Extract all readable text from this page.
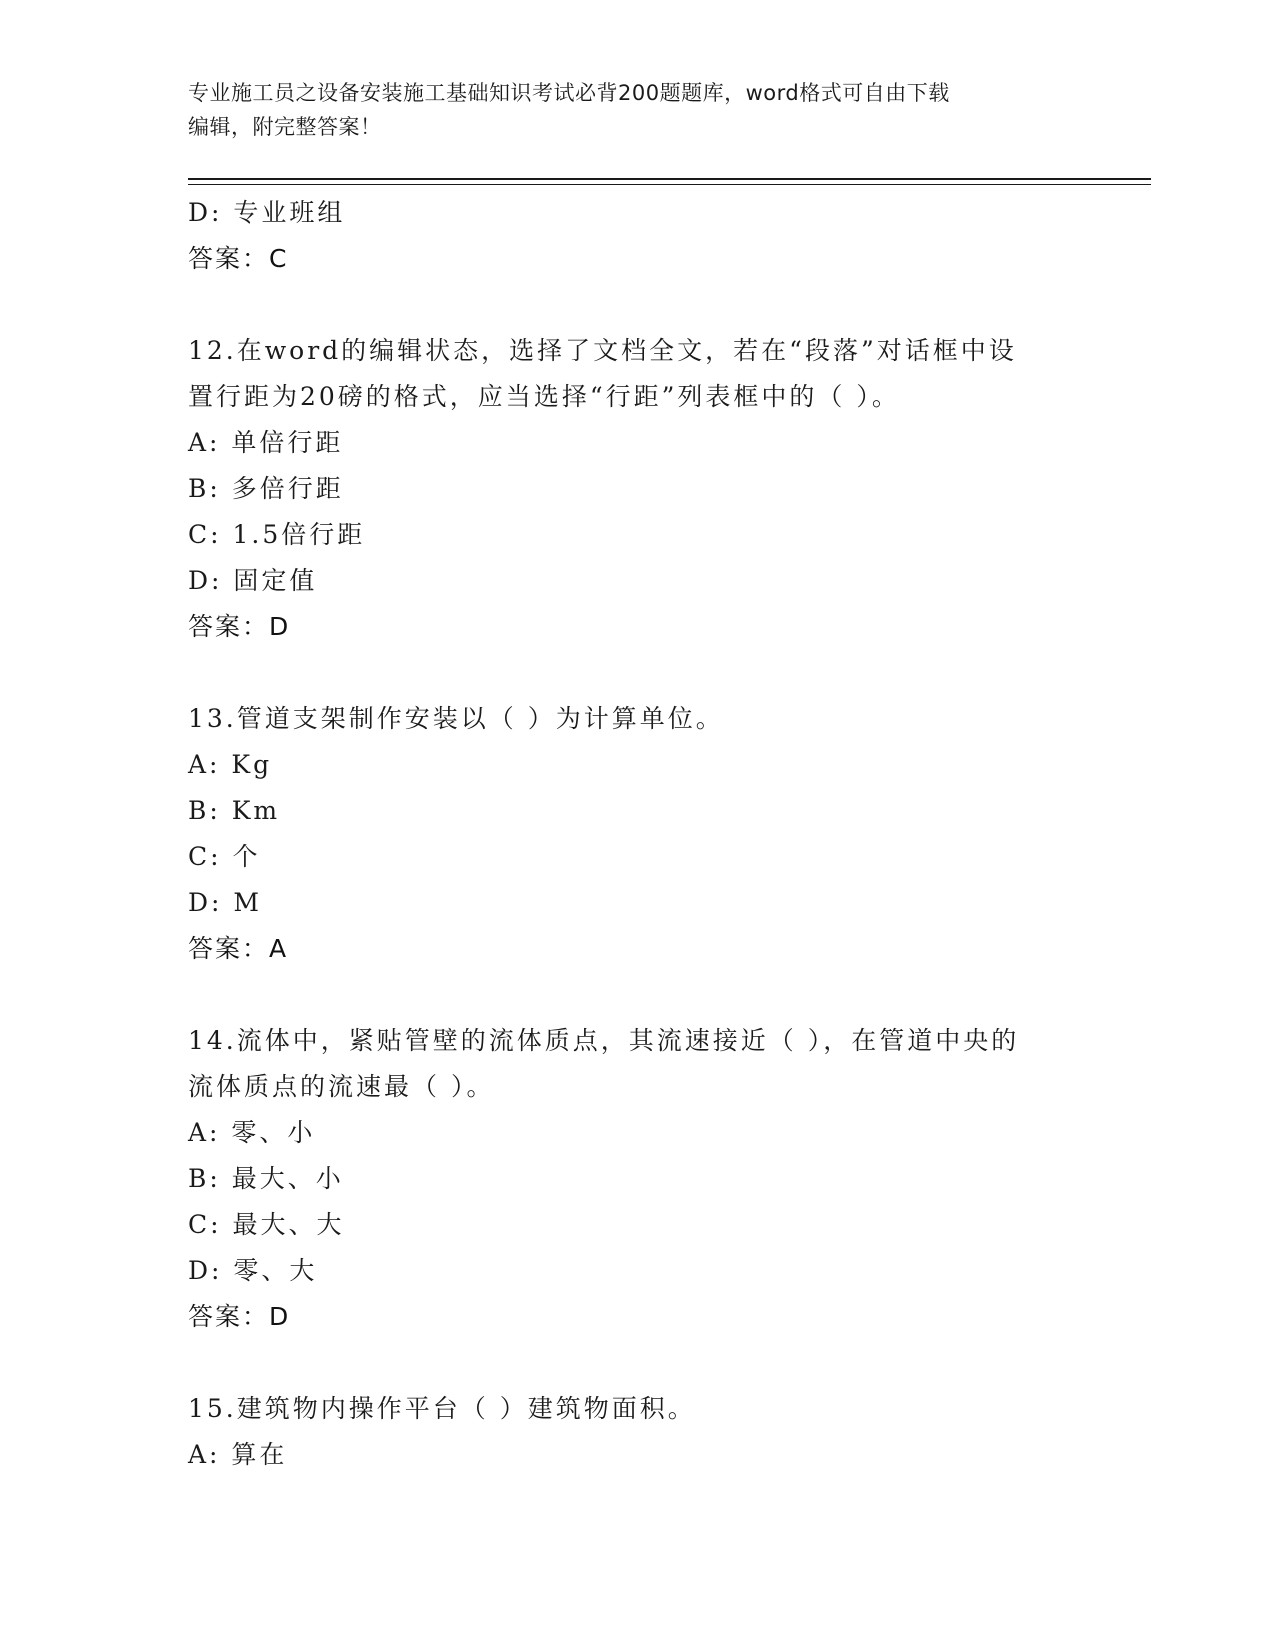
专业施工员之设备安装施工基础知识考试必背200题题库，word格式可自由下载
编辑，附完整答案！
D: 专业班组
答案：C
12.在word的编辑状态，选择了文档全文，若在“段落”对话框中设
置行距为20磅的格式，应当选择“行距”列表框中的（ ）。
A: 单倍行距
B: 多倍行距
C: 1.5倍行距
D: 固定值
答案：D
13.管道支架制作安装以（ ）为计算单位。
A: Kg
B: Km
C: 个
D: M
答案：A
14.流体中，紧贴管壁的流体质点，其流速接近（ ），在管道中央的
流体质点的流速最（ ）。
A: 零、小
B: 最大、小
C: 最大、大
D: 零、大
答案：D
15.建筑物内操作平台（ ）建筑物面积。
A: 算在
